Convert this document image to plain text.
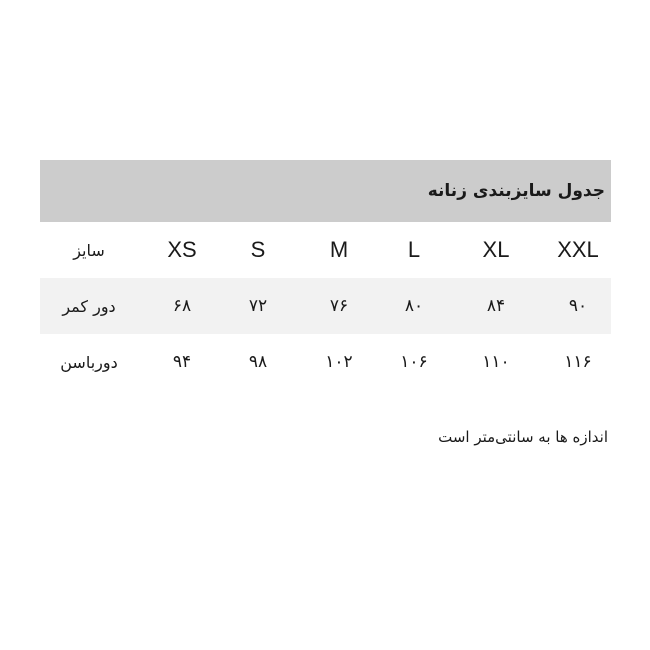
جدول سایزبندی زنانه
سایز	XS S	M	L	XL XXL
دور کمر	۶۸	۷۲	۷۶	۸۰	۸۴	۹۰
دورباسن	۹۴	۹۸	۱۰۲	۱۰۶	۱۱۰	۱۱۶
اندازه ها به سانتی‌متر است
